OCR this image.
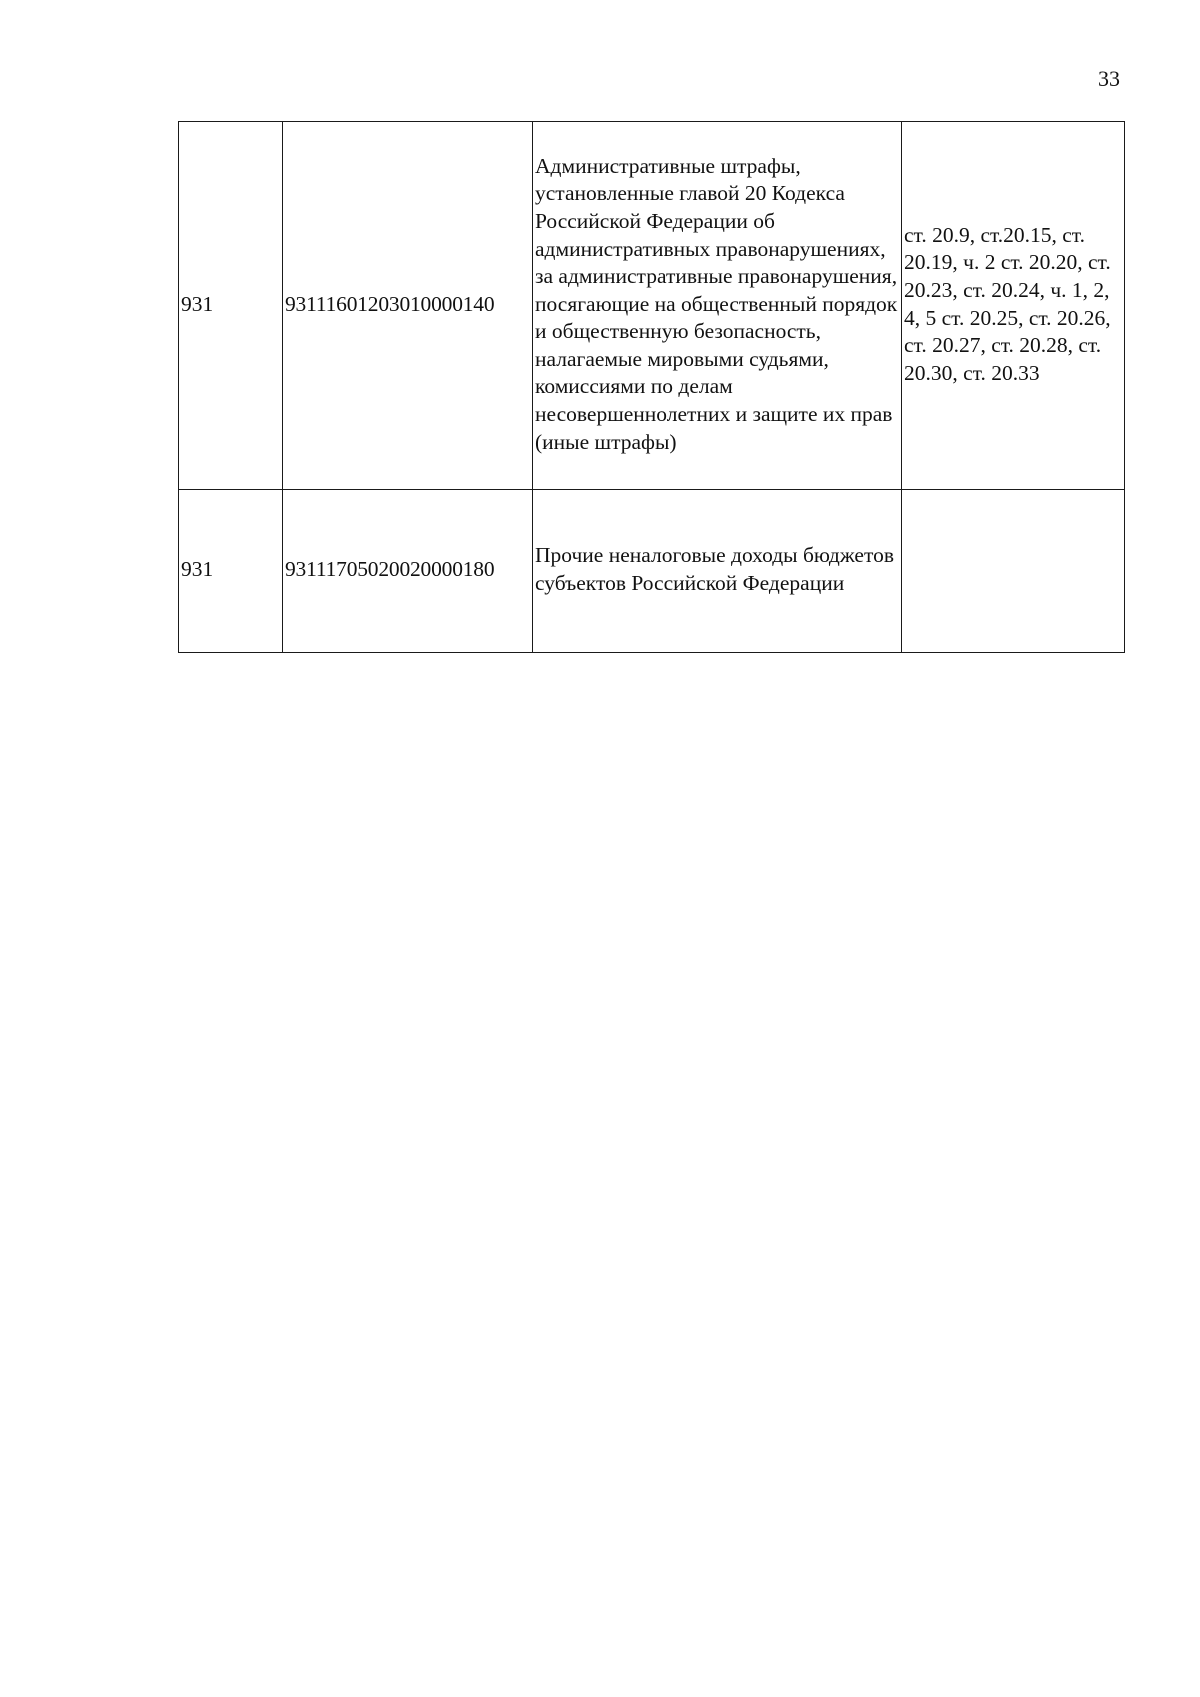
33
931	93111601203010000140	Административные штрафы, установленные главой 20 Кодекса Российской Федерации об административных правонарушениях, за административные правонарушения, посягающие на общественный порядок и общественную безопасность, налагаемые мировыми судьями, комиссиями по делам несовершеннолетних и защите их прав (иные штрафы)	ст. 20.9, ст.20.15, ст. 20.19, ч. 2 ст. 20.20, ст. 20.23, ст. 20.24, ч. 1, 2, 4, 5 ст. 20.25, ст. 20.26, ст. 20.27, ст. 20.28, ст. 20.30, ст. 20.33
931	93111705020020000180	Прочие неналоговые доходы бюджетов субъектов Российской Федерации	
